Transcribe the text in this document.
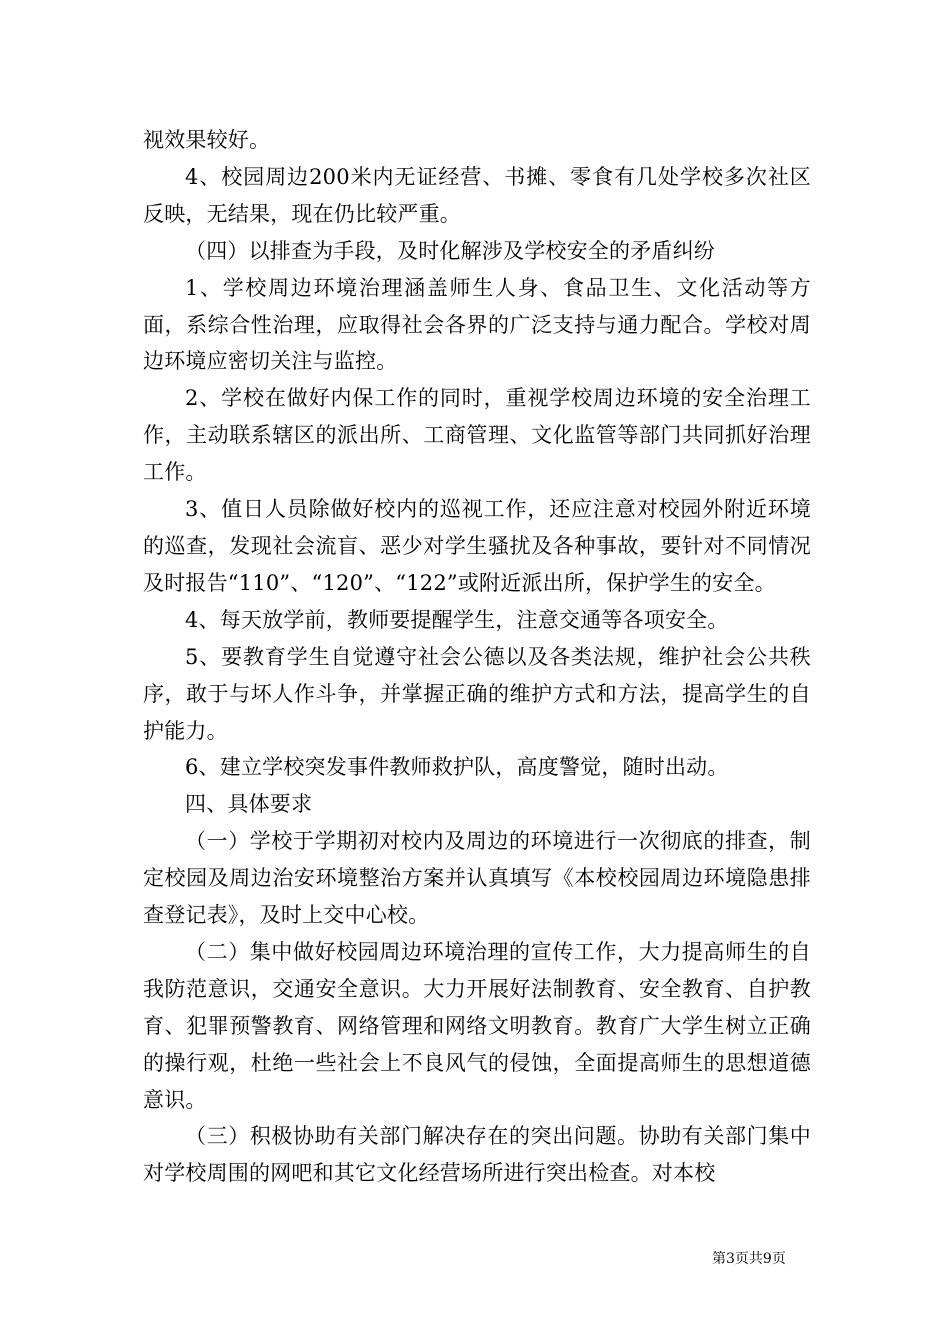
视效果较好。

4、校园周边200米内无证经营、书摊、零食有几处学校多次社区反映，无结果，现在仍比较严重。

（四）以排查为手段，及时化解涉及学校安全的矛盾纠纷

1、学校周边环境治理涵盖师生人身、食品卫生、文化活动等方面，系综合性治理，应取得社会各界的广泛支持与通力配合。学校对周边环境应密切关注与监控。

2、学校在做好内保工作的同时，重视学校周边环境的安全治理工作，主动联系辖区的派出所、工商管理、文化监管等部门共同抓好治理工作。

3、值日人员除做好校内的巡视工作，还应注意对校园外附近环境的巡查，发现社会流盲、恶少对学生骚扰及各种事故，要针对不同情况及时报告“110”、“120”、“122”或附近派出所，保护学生的安全。

4、每天放学前，教师要提醒学生，注意交通等各项安全。

5、要教育学生自觉遵守社会公德以及各类法规，维护社会公共秩序，敢于与坏人作斗争，并掌握正确的维护方式和方法，提高学生的自护能力。

6、建立学校突发事件教师救护队，高度警觉，随时出动。

四、具体要求

（一）学校于学期初对校内及周边的环境进行一次彻底的排查，制定校园及周边治安环境整治方案并认真填写《本校校园周边环境隐患排查登记表》，及时上交中心校。

（二）集中做好校园周边环境治理的宣传工作，大力提高师生的自我防范意识，交通安全意识。大力开展好法制教育、安全教育、自护教育、犯罪预警教育、网络管理和网络文明教育。教育广大学生树立正确的操行观，杜绝一些社会上不良风气的侵蚀，全面提高师生的思想道德意识。

（三）积极协助有关部门解决存在的突出问题。协助有关部门集中对学校周围的网吧和其它文化经营场所进行突出检查。对本校

第3页共9页
